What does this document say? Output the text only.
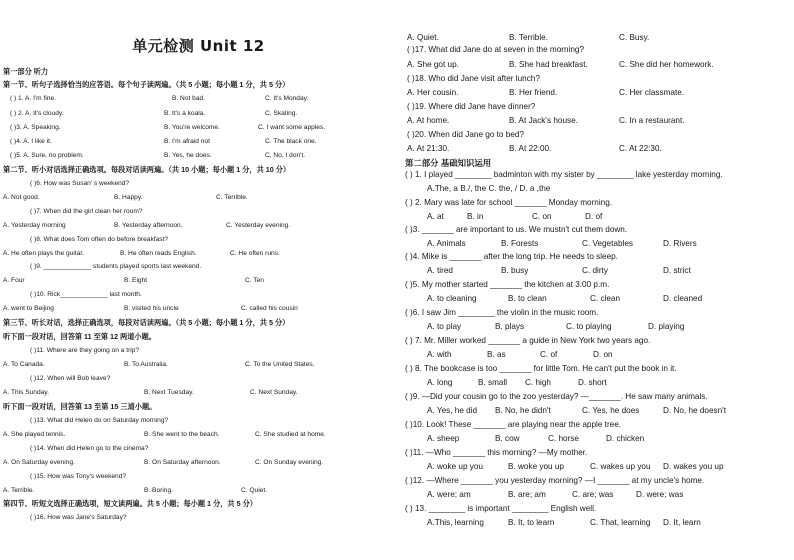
单元检测 Unit 12
第一部分 听力
第一节、听句子选择恰当的应答语。每个句子读两遍。（共 5 小题；每小题 1 分，共 5 分）
( ) 1. A. I'm fine.	B. Not bad.	C. It's Monday.
( ) 2. A. It's cloudy.	B. It's a koala.	C. Skating.
( )3. A. Speaking.	B. You're welcome.	C. I want some apples.
( )4. A. I like it.	B. I'm afraid not	C. The black one.
( )5. A. Sure, no problem.	B. Yes, he does.	C. No, I don't.
第二节、听小对话选择正确选项。每段对话读两遍。（共 10 小题；每小题 1 分，共 10 分）
( )6. How was Susan' s weekend?
A. Not good.	B. Happy.	C. Terrible.
( )7. When did the girl clean her room?
A. Yesterday morning	B. Yesterday afternoon.	C. Yesterday evening.
( )8. What does Tom often do before breakfast?
A. He often plays the guitar.	B. He often reads English.	C. He often runs.
( )9. _____________ students played sports last weekend.
A. Four	B. Eight	C. Ten
( )10. Rick_____________ last month.
A. went to Beijing	B. visited his uncle	C. called his cousin
第三节、听长对话，选择正确选项，每段对话读两遍。（共 5 小题；每小题 1 分，共 5 分）
听下面一段对话，回答第 11 至第 12 两道小题。
( )11. Where are they going on a trip?
A. To Canada.	B. To Australia.	C. To the United States.
( )12. When will Bob leave?
A. This Sunday.	B. Next Tuesday.	C. Next Sunday.
听下面一段对话，回答第 13 至第 15 三道小题。
( )13. What did Helen do on Saturday morning?
A. She played tennis.	B. She went to the beach.	C. She studied at home.
( )14. When did Helen go to the cinema?
A. On Saturday evening.	B. On Saturday afternoon.	C. On Sunday evening.
( )15. How was Tony's weekend?
A. Terrible.	B. Boring.	C. Quiet.
第四节、听短文选择正确选项，短文读两遍。共 5 小题；每小题 1 分，共 5 分）
( )16. How was Jane's Saturday?
A. Quiet.	B. Terrible.	C. Busy.
( )17. What did Jane do at seven in the morning?
A. She got up.	B. She had breakfast.	C. She did her homework.
( )18. Who did Jane visit after lunch?
A. Her cousin.	B. Her friend.	C. Her classmate.
( )19. Where did Jane have dinner?
A. At home.	B. At Jack's house.	C. In a restaurant.
( )20. When did Jane go to bed?
A. At 21:30.	B. At 22:00.	C. At 22:30.
第二部分 基础知识运用
( ) 1. I played ________ badminton with my sister by ________ lake yesterday morning.
A.The, a B./, the C. the, / D. a ,the
( ) 2. Mary was late for school _______ Monday morning.
A. at	B. in	C. on	D. of
( )3. _______ are important to us. We mustn't cut them down.
A. Animals	B. Forests	C. Vegetables	D. Rivers
( )4. Mike is _______ after the long trip. He needs to sleep.
A. tired	B. busy	C. dirty	D. strict
( )5. My mother started _______ the kitchen at 3:00 p.m.
A. to cleaning	B. to clean	C. clean	D. cleaned
( )6. I saw Jim ________ the violin in the music room.
A. to play	B. plays	C. to playing	D. playing
( ) 7. Mr. Miller worked _______ a guide in New York two years ago.
A. with	B. as	C. of	D. on
( ) 8. The bookcase is too _______ for little Tom. He can't put the book in it.
A. long	B. small C. high	D. short
( )9. —Did your cousin go to the zoo yesterday? —_______. He saw many animals.
A. Yes, he did B. No, he didn't	C. Yes, he does	D. No, he doesn't
( )10. Look! These _______ are playing near the apple tree.
A. sheep	B. cow	C. horse	D. chicken
( )11. —Who _______ this morning? —My mother.
A. woke up you	B. woke you up	C. wakes up you D. wakes you up
( )12. —Where _______ you yesterday morning? —I _______ at my uncle's home.
A. were; am	B. are; am	C. are; was	D. were; was
( ) 13. ________ is important ________ English well.
A.This, learning	B. It, to learn	C. That, learning D. It, learn
